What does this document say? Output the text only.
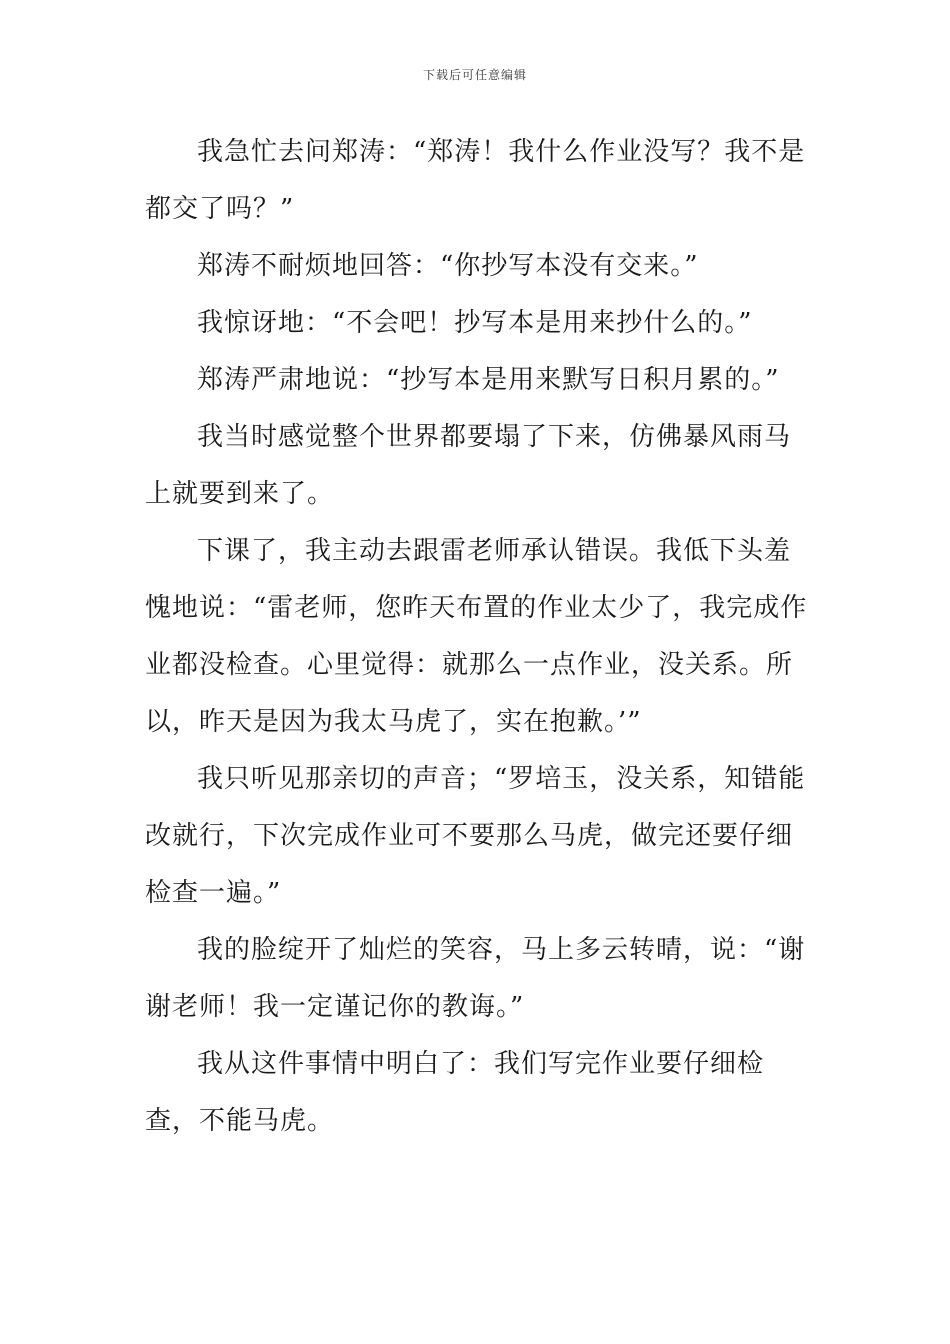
下载后可任意编辑

我急忙去问郑涛：“郑涛！我什么作业没写？我不是都交了吗？”

郑涛不耐烦地回答：“你抄写本没有交来。”

我惊讶地：“不会吧！抄写本是用来抄什么的。”

郑涛严肃地说：“抄写本是用来默写日积月累的。”

我当时感觉整个世界都要塌了下来，仿佛暴风雨马上就要到来了。

下课了，我主动去跟雷老师承认错误。我低下头羞愧地说：“雷老师，您昨天布置的作业太少了，我完成作业都没检查。心里觉得：就那么一点作业，没关系。所以，昨天是因为我太马虎了，实在抱歉。’”

我只听见那亲切的声音；“罗培玉，没关系，知错能改就行，下次完成作业可不要那么马虎，做完还要仔细检查一遍。”

我的脸绽开了灿烂的笑容，马上多云转晴，说：“谢谢老师！我一定谨记你的教诲。”

我从这件事情中明白了：我们写完作业要仔细检查，不能马虎。
